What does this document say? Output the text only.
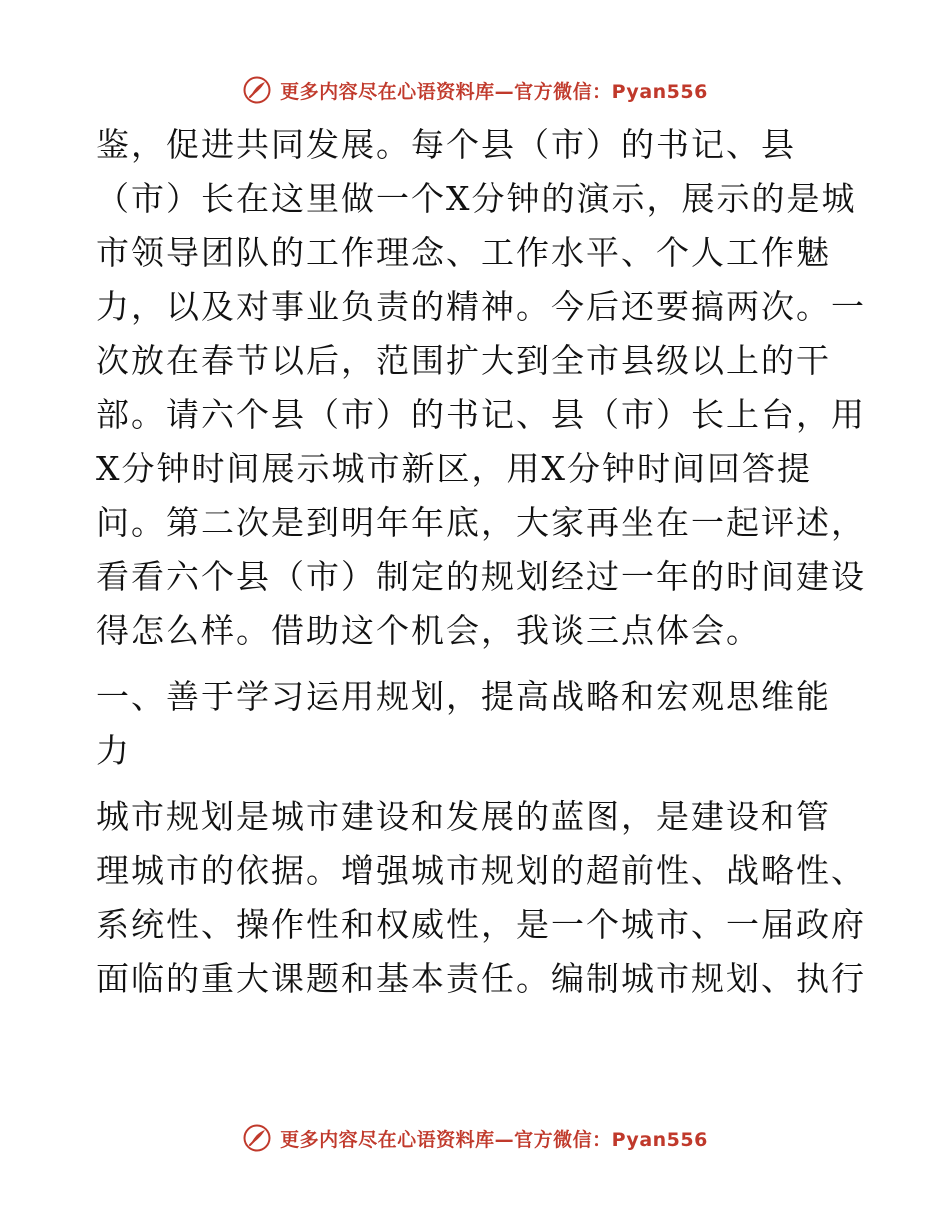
更多内容尽在心语资料库—官方微信：Pyan556

鉴，促进共同发展。每个县（市）的书记、县

（市）长在这里做一个X分钟的演示，展示的是城

市领导团队的工作理念、工作水平、个人工作魅

力，以及对事业负责的精神。今后还要搞两次。一

次放在春节以后，范围扩大到全市县级以上的干

部。请六个县（市）的书记、县（市）长上台，用

X分钟时间展示城市新区，用X分钟时间回答提

问。第二次是到明年年底，大家再坐在一起评述，

看看六个县（市）制定的规划经过一年的时间建设

得怎么样。借助这个机会，我谈三点体会。

一、善于学习运用规划，提高战略和宏观思维能

力

城市规划是城市建设和发展的蓝图，是建设和管

理城市的依据。增强城市规划的超前性、战略性、

系统性、操作性和权威性，是一个城市、一届政府

面临的重大课题和基本责任。编制城市规划、执行

更多内容尽在心语资料库—官方微信：Pyan556
